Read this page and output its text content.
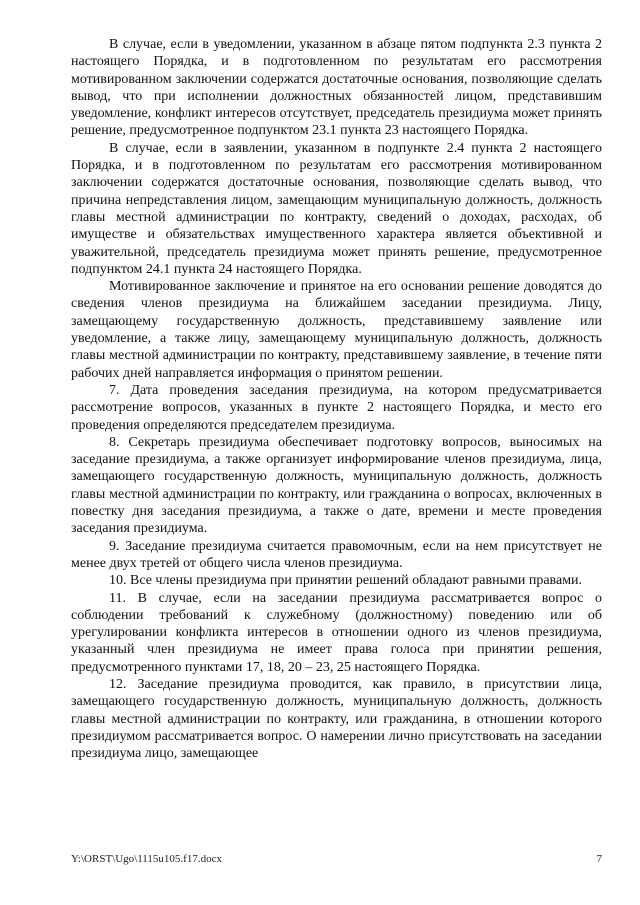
В случае, если в уведомлении, указанном в абзаце пятом подпункта 2.3 пункта 2 настоящего Порядка, и в подготовленном по результатам его рассмотрения мотивированном заключении содержатся достаточные основания, позволяющие сделать вывод, что при исполнении должностных обязанностей лицом, представившим уведомление, конфликт интересов отсутствует, председатель президиума может принять решение, предусмотренное подпунктом 23.1 пункта 23 настоящего Порядка.

В случае, если в заявлении, указанном в подпункте 2.4 пункта 2 настоящего Порядка, и в подготовленном по результатам его рассмотрения мотивированном заключении содержатся достаточные основания, позволяющие сделать вывод, что причина непредставления лицом, замещающим муниципальную должность, должность главы местной администрации по контракту, сведений о доходах, расходах, об имуществе и обязательствах имущественного характера является объективной и уважительной, председатель президиума может принять решение, предусмотренное подпунктом 24.1 пункта 24 настоящего Порядка.

Мотивированное заключение и принятое на его основании решение доводятся до сведения членов президиума на ближайшем заседании президиума. Лицу, замещающему государственную должность, представившему заявление или уведомление, а также лицу, замещающему муниципальную должность, должность главы местной администрации по контракту, представившему заявление, в течение пяти рабочих дней направляется информация о принятом решении.

7. Дата проведения заседания президиума, на котором предусматривается рассмотрение вопросов, указанных в пункте 2 настоящего Порядка, и место его проведения определяются председателем президиума.

8. Секретарь президиума обеспечивает подготовку вопросов, выносимых на заседание президиума, а также организует информирование членов президиума, лица, замещающего государственную должность, муниципальную должность, должность главы местной администрации по контракту, или гражданина о вопросах, включенных в повестку дня заседания президиума, а также о дате, времени и месте проведения заседания президиума.

9. Заседание президиума считается правомочным, если на нем присутствует не менее двух третей от общего числа членов президиума.

10. Все члены президиума при принятии решений обладают равными правами.

11. В случае, если на заседании президиума рассматривается вопрос о соблюдении требований к служебному (должностному) поведению или об урегулировании конфликта интересов в отношении одного из членов президиума, указанный член президиума не имеет права голоса при принятии решения, предусмотренного пунктами 17, 18, 20 – 23, 25 настоящего Порядка.

12. Заседание президиума проводится, как правило, в присутствии лица, замещающего государственную должность, муниципальную должность, должность главы местной администрации по контракту, или гражданина, в отношении которого президиумом рассматривается вопрос. О намерении лично присутствовать на заседании президиума лицо, замещающее

Y:\ORST\Ugo\1115u105.f17.docx	7
